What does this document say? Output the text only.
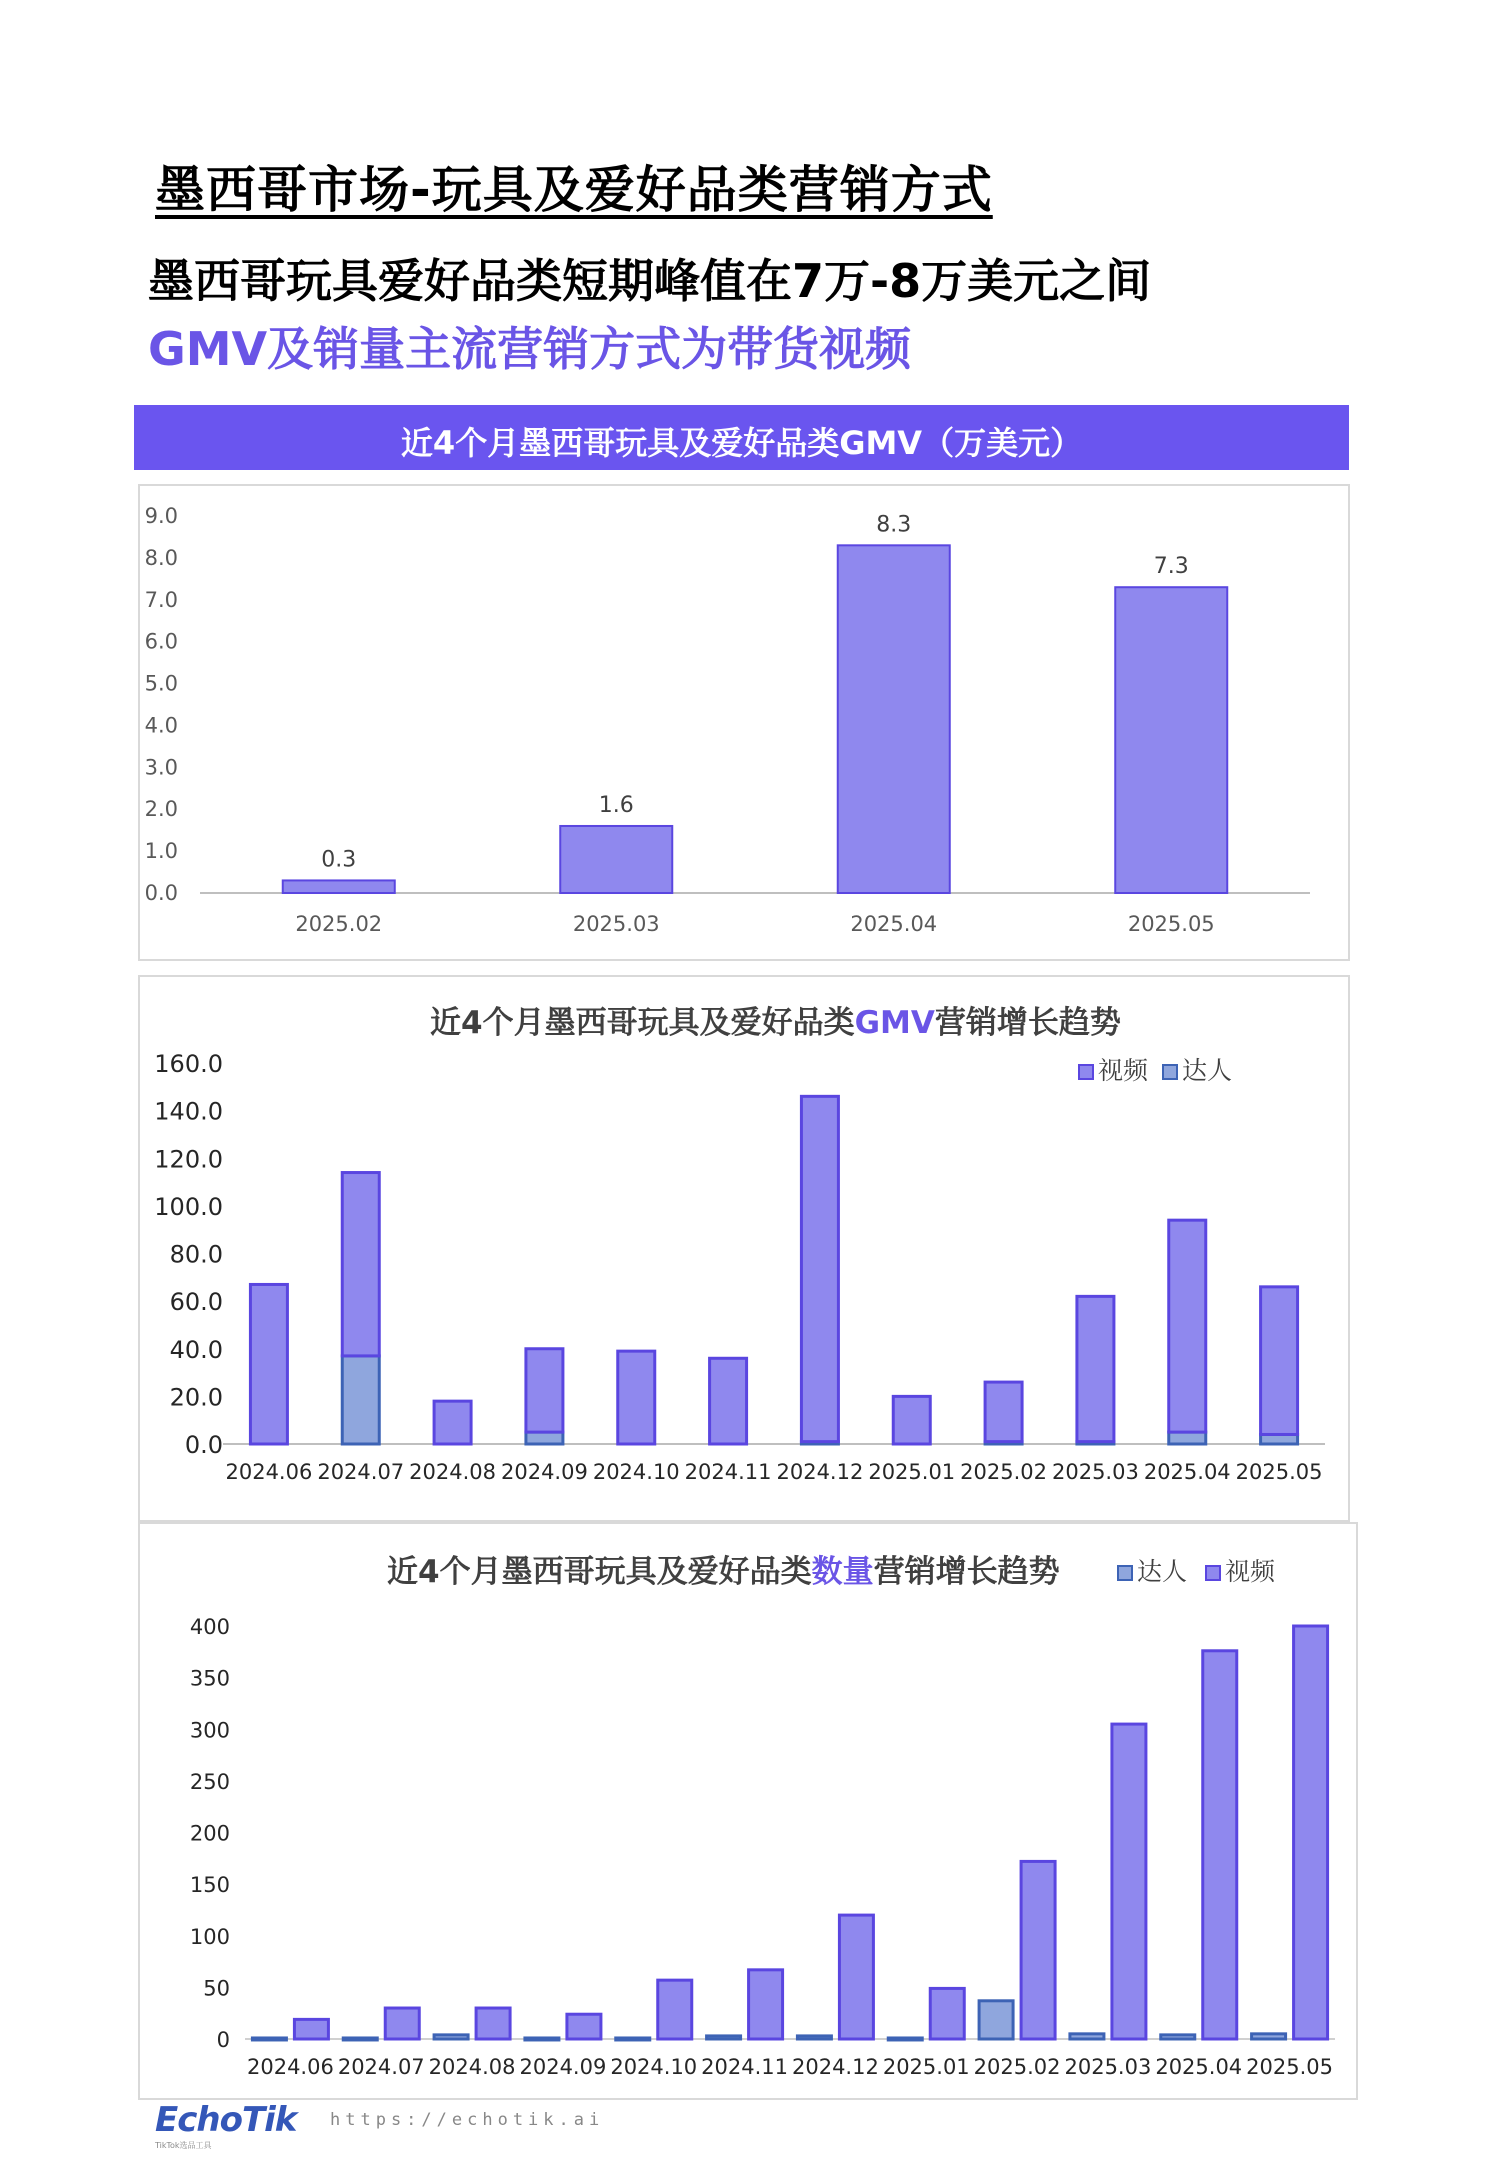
墨西哥市场-玩具及爱好品类营销方式
墨西哥玩具爱好品类短期峰值在7万-8万美元之间
GMV及销量主流营销方式为带货视频
近4个月墨西哥玩具及爱好品类GMV（万美元）
0.0
1.0
2.0
3.0
4.0
5.0
6.0
7.0
8.0
9.0
0.3
2025.02
1.6
2025.03
8.3
2025.04
7.3
2025.05
近4个月墨西哥玩具及爱好品类GMV营销增长趋势
视频 达人
0.0
20.0
40.0
60.0
80.0
100.0
120.0
140.0
160.0
2024.06 2024.07 2024.08 2024.09 2024.10 2024.11 2024.12 2025.01 2025.02 2025.03 2025.04 2025.05
近4个月墨西哥玩具及爱好品类数量营销增长趋势	达人 视频
0
50
100
150
200
250
300
350
400
2024.06 2024.07 2024.08 2024.09 2024.10 2024.11 2024.12 2025.01 2025.02 2025.03 2025.04 2025.05
EchoTik
TikTok选品工具
https://echotik.ai
